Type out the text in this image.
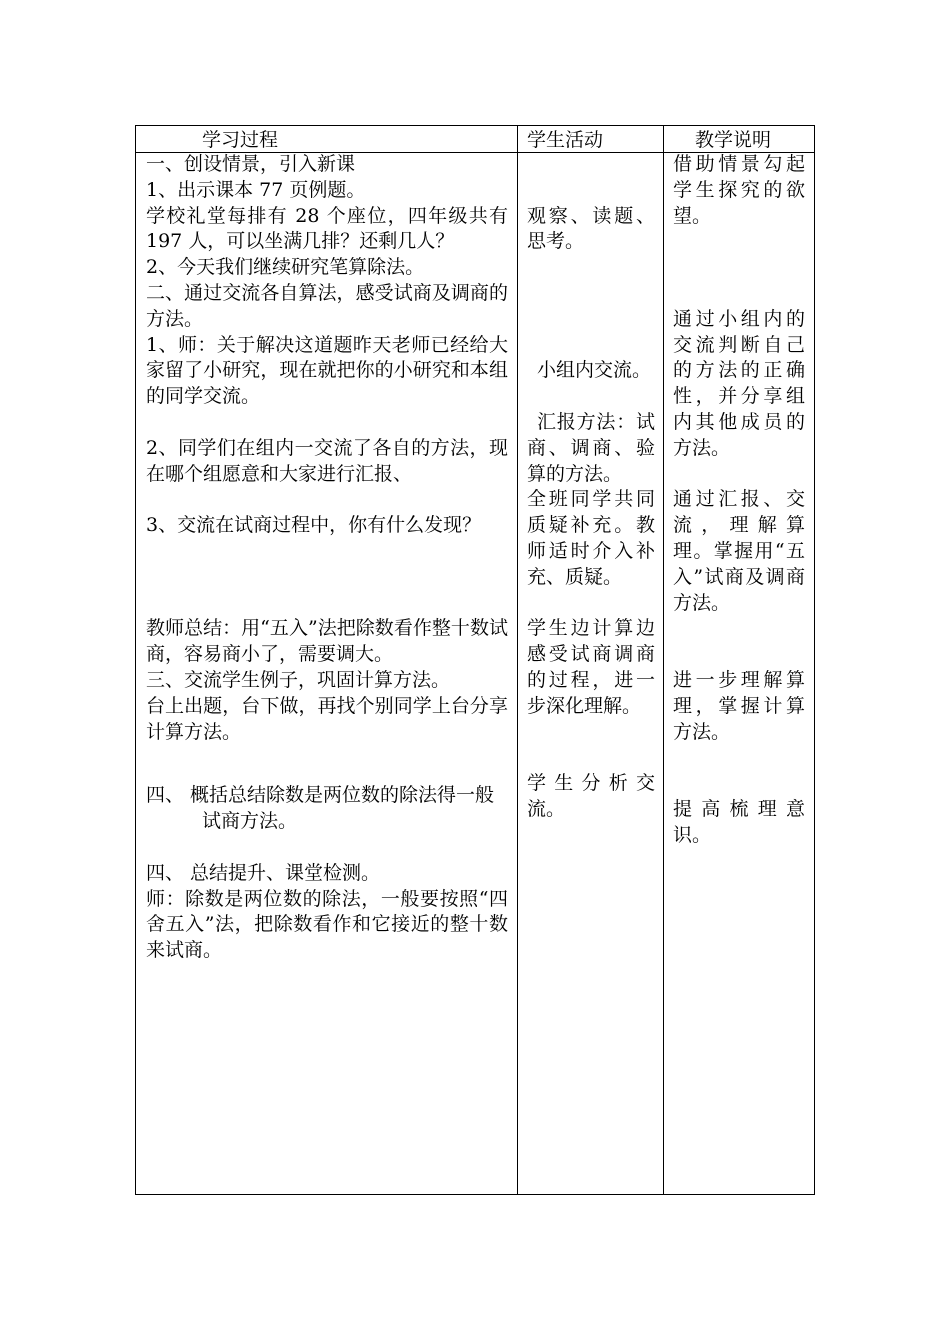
学习过程	学生活动	教学说明

一、创设情景，引入新课

1、出示课本 77 页例题。

学校礼堂每排有 28 个座位，四年级共有 197 人，可以坐满几排？还剩几人？

2、今天我们继续研究笔算除法。

二、通过交流各自算法，感受试商及调商的方法。

1、师：关于解决这道题昨天老师已经给大家留了小研究，现在就把你的小研究和本组的同学交流。

2、同学们在组内一交流了各自的方法，现在哪个组愿意和大家进行汇报、

3、交流在试商过程中，你有什么发现？

教师总结：用“五入”法把除数看作整十数试商，容易商小了，需要调大。

三、交流学生例子，巩固计算方法。

台上出题，台下做，再找个别同学上台分享计算方法。

四、 概括总结除数是两位数的除法得一般试商方法。

四、 总结提升、课堂检测。

师：除数是两位数的除法，一般要按照“四舍五入”法，把除数看作和它接近的整十数来试商。

观察、读题、思考。

小组内交流。

汇报方法：试商、调商、验算的方法。

全班同学共同质疑补充。教师适时介入补充、质疑。

学生边计算边感受试商调商的过程，进一步深化理解。

学生分析交流。

借助情景勾起学生探究的欲望。

通过小组内的交流判断自己的方法的正确性，并分享组内其他成员的方法。

通过汇报、交流，理解算理。掌握用“五入”试商及调商方法。

进一步理解算理，掌握计算方法。

提高梳理意识。
